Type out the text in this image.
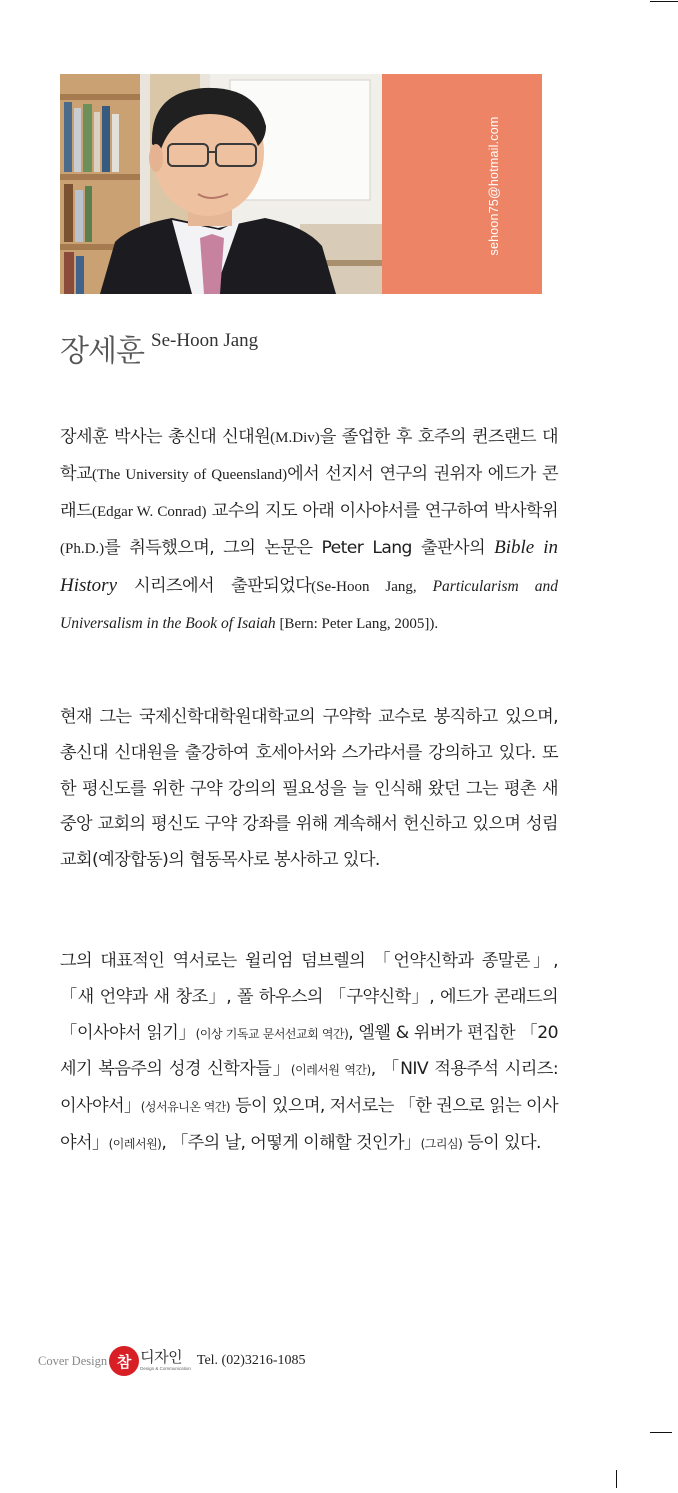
sehoon75@hotmail.com
장세훈 Se-Hoon Jang

장세훈 박사는 총신대 신대원(M.Div)을 졸업한 후 호주의 퀸즈랜드 대학교(The University of Queensland)에서 선지서 연구의 권위자 에드가 콘래드(Edgar W. Conrad) 교수의 지도 아래 이사야서를 연구하여 박사학위(Ph.D.)를 취득했으며, 그의 논문은 Peter Lang 출판사의 Bible in History 시리즈에서 출판되었다(Se-Hoon Jang, Particularism and Universalism in the Book of Isaiah [Bern: Peter Lang, 2005]).

현재 그는 국제신학대학원대학교의 구약학 교수로 봉직하고 있으며, 총신대 신대원을 출강하여 호세아서와 스가랴서를 강의하고 있다. 또한 평신도를 위한 구약 강의의 필요성을 늘 인식해 왔던 그는 평촌 새중앙 교회의 평신도 구약 강좌를 위해 계속해서 헌신하고 있으며 성림교회(예장합동)의 협동목사로 봉사하고 있다.

그의 대표적인 역서로는 윌리엄 덤브렐의 「언약신학과 종말론」, 「새 언약과 새 창조」, 폴 하우스의 「구약신학」, 에드가 콘래드의 「이사야서 읽기」(이상 기독교 문서선교회 역간), 엘웰 & 위버가 편집한 「20세기 복음주의 성경 신학자들」(이레서원 역간), 「NIV 적용주석 시리즈: 이사야서」(성서유니온 역간) 등이 있으며, 저서로는 「한 권으로 읽는 이사야서」(이레서원), 「주의 날, 어떻게 이해할 것인가」(그리심) 등이 있다.

Cover Design 참 디자인
Design & Communication
Tel. (02)3216-1085
